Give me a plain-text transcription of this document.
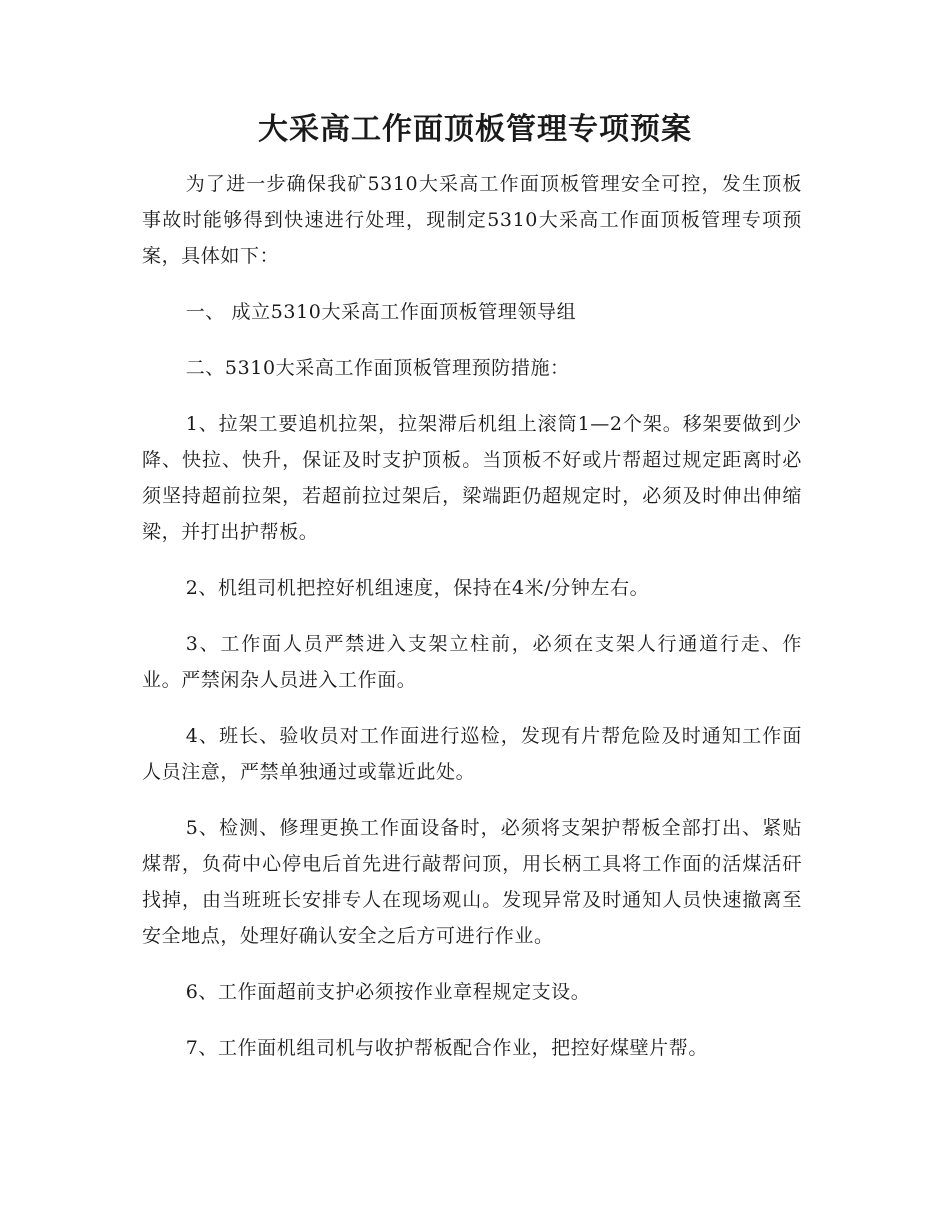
大采高工作面顶板管理专项预案

为了进一步确保我矿5310大采高工作面顶板管理安全可控，发生顶板事故时能够得到快速进行处理，现制定5310大采高工作面顶板管理专项预案，具体如下：

一、 成立5310大采高工作面顶板管理领导组

二、5310大采高工作面顶板管理预防措施：

1、拉架工要追机拉架，拉架滞后机组上滚筒1—2个架。移架要做到少降、快拉、快升，保证及时支护顶板。当顶板不好或片帮超过规定距离时必须坚持超前拉架，若超前拉过架后，梁端距仍超规定时，必须及时伸出伸缩梁，并打出护帮板。

2、机组司机把控好机组速度，保持在4米/分钟左右。

3、工作面人员严禁进入支架立柱前，必须在支架人行通道行走、作业。严禁闲杂人员进入工作面。

4、班长、验收员对工作面进行巡检，发现有片帮危险及时通知工作面人员注意，严禁单独通过或靠近此处。

5、检测、修理更换工作面设备时，必须将支架护帮板全部打出、紧贴煤帮，负荷中心停电后首先进行敲帮问顶，用长柄工具将工作面的活煤活矸找掉，由当班班长安排专人在现场观山。发现异常及时通知人员快速撤离至安全地点，处理好确认安全之后方可进行作业。

6、工作面超前支护必须按作业章程规定支设。

7、工作面机组司机与收护帮板配合作业，把控好煤壁片帮。
